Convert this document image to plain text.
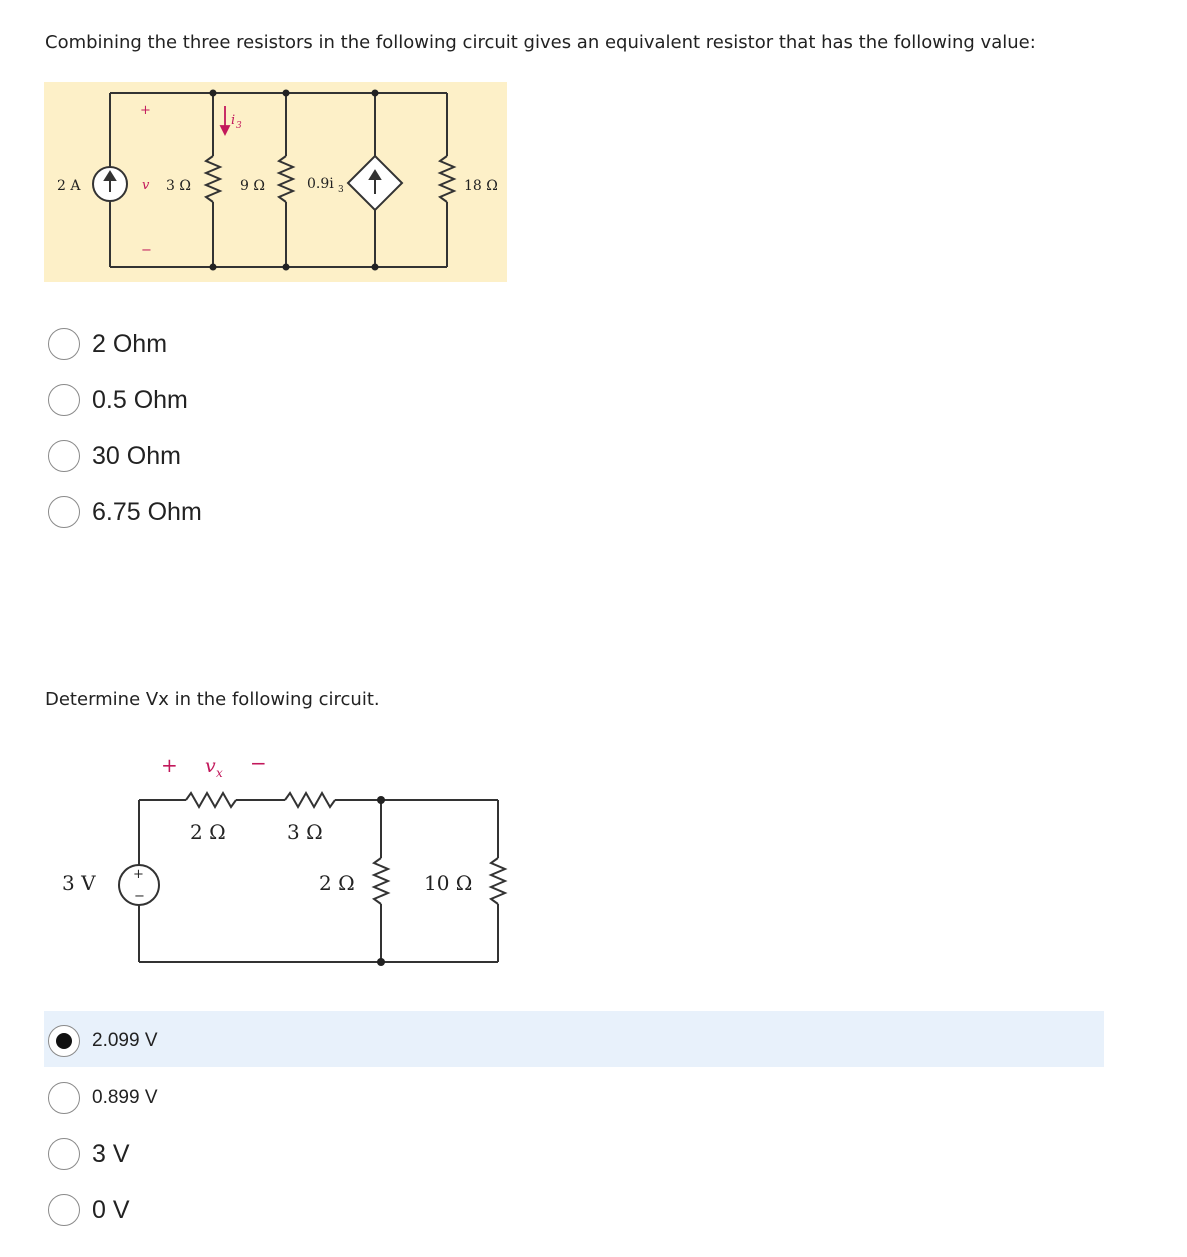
Combining the three resistors in the following circuit gives an equivalent resistor that has the following value:
i 3
2 A
+
v
−
3 Ω	9 Ω	0.9i 3	18 Ω
2 Ohm
0.5 Ohm
30 Ohm
6.75 Ohm
Determine Vx in the following circuit.
+
−
3 V
+ v x −
2 Ω	3 Ω
2 Ω	10 Ω
2.099 V
0.899 V
3 V
0 V
